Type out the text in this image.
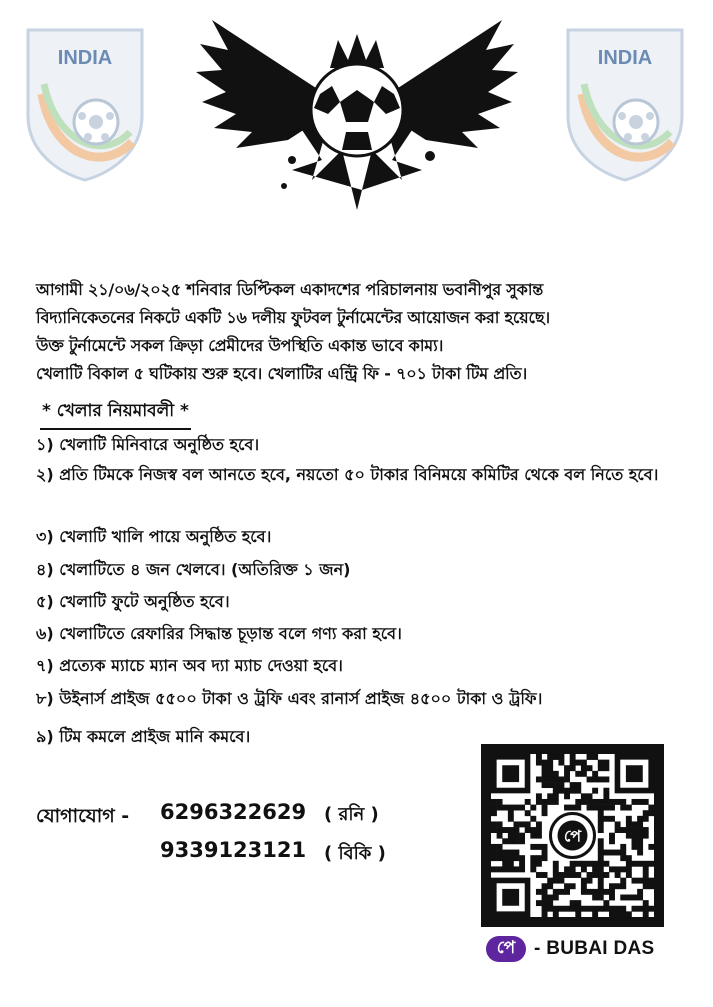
INDIA	INDIA
আগামী ২১/০৬/২০২৫ শনিবার ডিপ্টিকল একাদশের পরিচালনায় ভবানীপুর সুকান্ত
বিদ্যানিকেতনের নিকটে একটি ১৬ দলীয় ফুটবল টুর্নামেন্টের আয়োজন করা হয়েছে।
উক্ত টুর্নামেন্টে সকল ক্রিড়া প্রেমীদের উপস্থিতি একান্ত ভাবে কাম্য।
খেলাটি বিকাল ৫ ঘটিকায় শুরু হবে। খেলাটির এন্ট্রি ফি - ৭০১ টাকা টিম প্রতি।
* খেলার নিয়মাবলী *
১) খেলাটি মিনিবারে অনুষ্ঠিত হবে।
২) প্রতি টিমকে নিজস্ব বল আনতে হবে, নয়তো ৫০ টাকার বিনিময়ে কমিটির থেকে বল নিতে হবে।
৩) খেলাটি খালি পায়ে অনুষ্ঠিত হবে।
৪) খেলাটিতে ৪ জন খেলবে। (অতিরিক্ত ১ জন)
৫) খেলাটি ফুটে অনুষ্ঠিত হবে।
৬) খেলাটিতে রেফারির সিদ্ধান্ত চূড়ান্ত বলে গণ্য করা হবে।
৭) প্রত্যেক ম্যাচে ম্যান অব দ্যা ম্যাচ দেওয়া হবে।
৮) উইনার্স প্রাইজ ৫৫০০ টাকা ও ট্রফি এবং রানার্স প্রাইজ ৪৫০০ টাকা ও ট্রফি।
৯) টিম কমলে প্রাইজ মানি কমবে।
যোগাযোগ - 6296322629 ( রনি )
9339123121 ( বিকি )
পে
পে - BUBAI DAS
